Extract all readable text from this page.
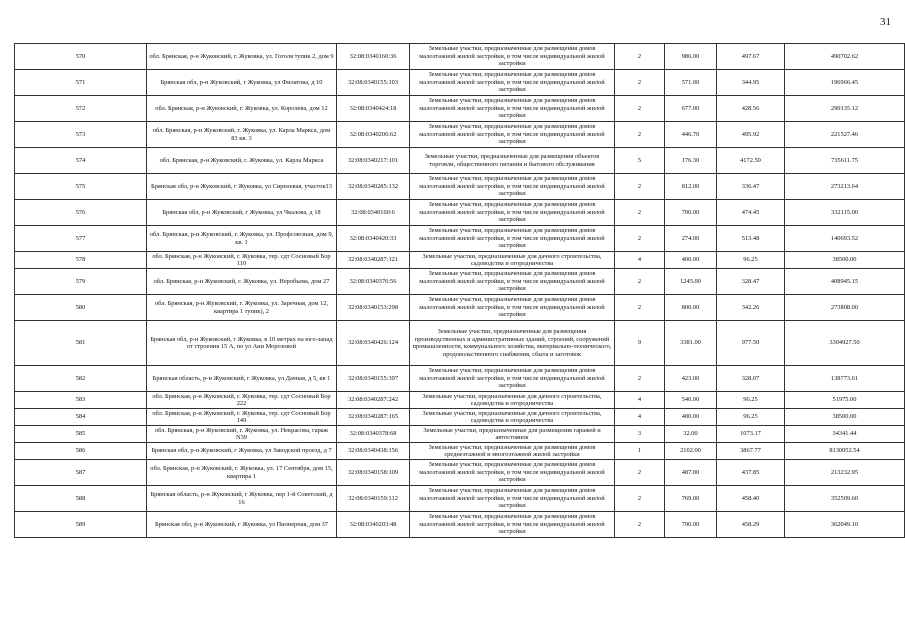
31
570	обл. Брянская, р-н Жуковский, г. Жуковка, ул. Гоголя тупик 2, дом 9	32:08:0340160:36	Земельные участки, предназначенные для размещения домов малоэтажной жилой застройки, в том числе индивидуальной жилой застройки	2	986.00	497.67	490702.62
571	Брянская обл, р-н Жуковский, г Жуковка, ул Филатова, д 10	32:08:0340155:103	Земельные участки, предназначенные для размещения домов малоэтажной жилой застройки, в том числе индивидуальной жилой застройки	2	571.00	344.95	196966.45
572	обл. Брянская, р-н Жуковский, г. Жуковка, ул. Королева, дом 12	32:08:0340424:18	Земельные участки, предназначенные для размещения домов малоэтажной жилой застройки, в том числе индивидуальной жилой застройки	2	677.00	428.56	290135.12
573	обл. Брянская, р-н Жуковский, г. Жуковка, ул. Карла Маркса, дом 83 кв. 3	32:08:0340206:62	Земельные участки, предназначенные для размещения домов малоэтажной жилой застройки, в том числе индивидуальной жилой застройки	2	446.70	495.92	221527.46
574	обл. Брянская, р-н Жуковский, г. Жуковка, ул. Карла Маркса	32:08:0340217:101	Земельные участки, предназначенные для размещения объектов торговли, общественного питания и бытового обслуживания	5	176.30	4172.50	735611.75
575	Брянская обл, р-н Жуковский, г Жуковка, ул Сиреневая, участок13	32:08:0340285:132	Земельные участки, предназначенные для размещения домов малоэтажной жилой застройки, в том числе индивидуальной жилой застройки	2	812.00	336.47	273213.64
576	Брянская обл, р-н Жуковский, г Жуковка, ул Чкалова, д 18	32:08:0340160:6	Земельные участки, предназначенные для размещения домов малоэтажной жилой застройки, в том числе индивидуальной жилой застройки	2	700.00	474.45	332115.00
577	обл. Брянская, р-н Жуковский, г. Жуковка, ул. Профсоюзная, дом 9, кв. 1	32:08:0340420:33	Земельные участки, предназначенные для размещения домов малоэтажной жилой застройки, в том числе индивидуальной жилой застройки	2	274.00	513.48	140693.52
578	обл. Брянская, р-н Жуковский, г. Жуковка, тер. сдт Сосновый Бор 110	32:08:0340287:121	Земельные участки, предназначенные для дачного строительства, садоводства и огородничества	4	400.00	96.25	38500.00
579	обл. Брянская, р-н Жуковский, г. Жуковка, ул. Неробьева, дом 27	32:08:0340376:56	Земельные участки, предназначенные для размещения домов малоэтажной жилой застройки, в том числе индивидуальной жилой застройки	2	1245.00	328.47	408945.15
580	обл. Брянская, р-н Жуковский, г. Жуковка, ул. Заречная, дом 12, квартира 1 тупик), 2	32:08:0340153:298	Земельные участки, предназначенные для размещения домов малоэтажной жилой застройки, в том числе индивидуальной жилой застройки	2	800.00	342.26	273808.00
581	Брянская обл, р-н Жуковский, г Жуковка, в 10 метрах на юго-запад от строения 15 А, по ул Ани Морозовой	32:08:0340426:124	Земельные участки, предназначенные для размещения производственных и административных зданий, строений, сооружений промышленности, коммунального хозяйства, материально-технического, продовольственного снабжения, сбыта и заготовок	9	3381.00	977.50	3304927.50
582	Брянская область, р-н Жуковский, г Жуковка, ул Дачная, д 5, кв 1	32:08:0340155:397	Земельные участки, предназначенные для размещения домов малоэтажной жилой застройки, в том числе индивидуальной жилой застройки	2	423.00	328.07	138773.61
583	обл. Брянская, р-н Жуковский, г. Жуковка, тер. сдт Сосновый Бор 222	32:08:0340287:242	Земельные участки, предназначенные для дачного строительства, садоводства и огородничества	4	540.00	96.25	51975.00
584	обл. Брянская, р-н Жуковский, г. Жуковка, тер. сдт Сосновый Бор 149	32:08:0340287:165	Земельные участки, предназначенные для дачного строительства, садоводства и огородничества	4	400.00	96.25	38500.00
585	обл. Брянская, р-н Жуковский, г. Жуковка, ул. Некрасова, гараж N39	32:08:0340378:68	Земельные участки, предназначенные для размещения гаражей и автостоянок	3	32.00	1073.17	34341.44
586	Брянская обл, р-н Жуковский, г Жуковка, ул Заводской проезд, д 7	32:08:0340438:156	Земельные участки, предназначенные для размещения домов среднеэтажной и многоэтажной жилой застройки	1	2102.00	3867.77	8130052.54
587	обл. Брянская, р-н Жуковский, г. Жуковка, ул. 17 Сентября, дом 15, квартира 1	32:08:0340158:109	Земельные участки, предназначенные для размещения домов малоэтажной жилой застройки, в том числе индивидуальной жилой застройки	2	487.00	437.85	213232.95
588	Брянская область, р-н Жуковский, г Жуковка, пер 1-й Советский, д 16	32:08:0340159:112	Земельные участки, предназначенные для размещения домов малоэтажной жилой застройки, в том числе индивидуальной жилой застройки	2	769.00	458.40	352509.60
589	Брянская обл, р-н Жуковский, г Жуковка, ул Пионерная, дом 37	32:08:0340203:48	Земельные участки, предназначенные для размещения домов малоэтажной жилой застройки, в том числе индивидуальной жилой застройки	2	790.00	458.29	362049.10
